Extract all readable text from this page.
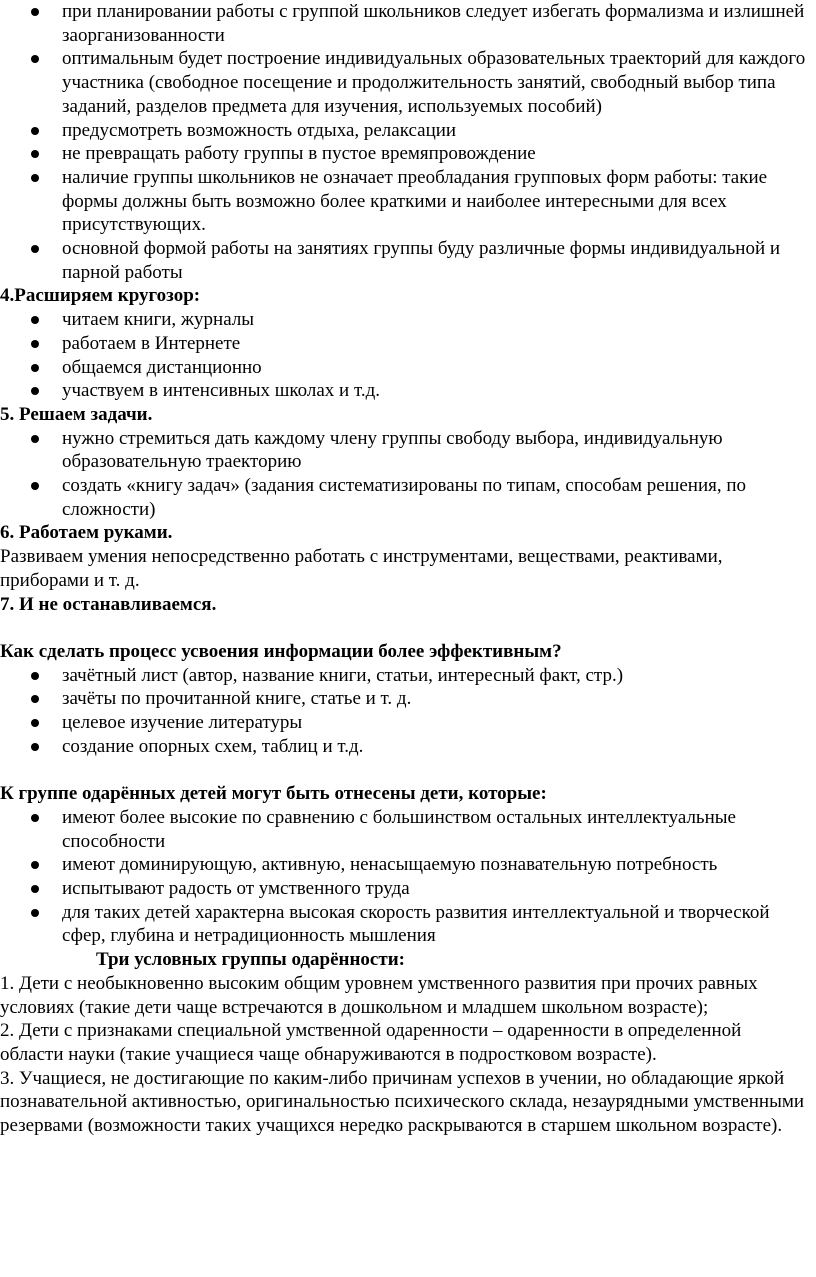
при планировании работы с группой школьников следует избегать формализма и излишней заорганизованности
оптимальным будет построение индивидуальных образовательных траекторий для каждого участника (свободное посещение и продолжительность занятий, свободный выбор типа заданий, разделов предмета для изучения, используемых пособий)
предусмотреть возможность отдыха, релаксации
не превращать работу группы в пустое времяпровождение
наличие группы школьников не означает преобладания групповых форм работы: такие формы должны быть возможно более краткими и наиболее интересными для всех присутствующих.
основной формой работы на занятиях группы буду различные формы индивидуальной и парной работы

4.Расширяем кругозор:

читаем книги, журналы
работаем в Интернете
общаемся дистанционно
участвуем в интенсивных школах и т.д.

5. Решаем задачи.

нужно стремиться дать каждому члену группы свободу выбора, индивидуальную образовательную траекторию
создать «книгу задач» (задания систематизированы по типам, способам решения, по сложности)

6. Работаем руками.

Развиваем умения непосредственно работать с инструментами, веществами, реактивами, приборами и т. д.

7. И не останавливаемся.

Как сделать процесс усвоения информации более эффективным?

зачётный лист (автор, название книги, статьи, интересный факт, стр.)
зачёты по прочитанной книге, статье и т. д.
целевое изучение литературы
создание опорных схем, таблиц и т.д.

К группе одарённых детей могут быть отнесены дети, которые:

имеют более высокие по сравнению с большинством остальных интеллектуальные способности
имеют доминирующую, активную, ненасыщаемую познавательную потребность
испытывают радость от умственного труда
для таких детей характерна высокая скорость развития интеллектуальной и творческой сфер, глубина и нетрадиционность мышления

Три условных группы одарённости:

1. Дети с необыкновенно высоким общим уровнем умственного развития при прочих равных условиях (такие дети чаще встречаются в дошкольном и младшем школьном возрасте);

2. Дети с признаками специальной умственной одаренности – одаренности в определенной области науки (такие учащиеся чаще обнаруживаются в подростковом возрасте).

3. Учащиеся, не достигающие по каким-либо причинам успехов в учении, но обладающие яркой познавательной активностью, оригинальностью психического склада, незаурядными умственными резервами (возможности таких учащихся нередко раскрываются в старшем школьном возрасте).
